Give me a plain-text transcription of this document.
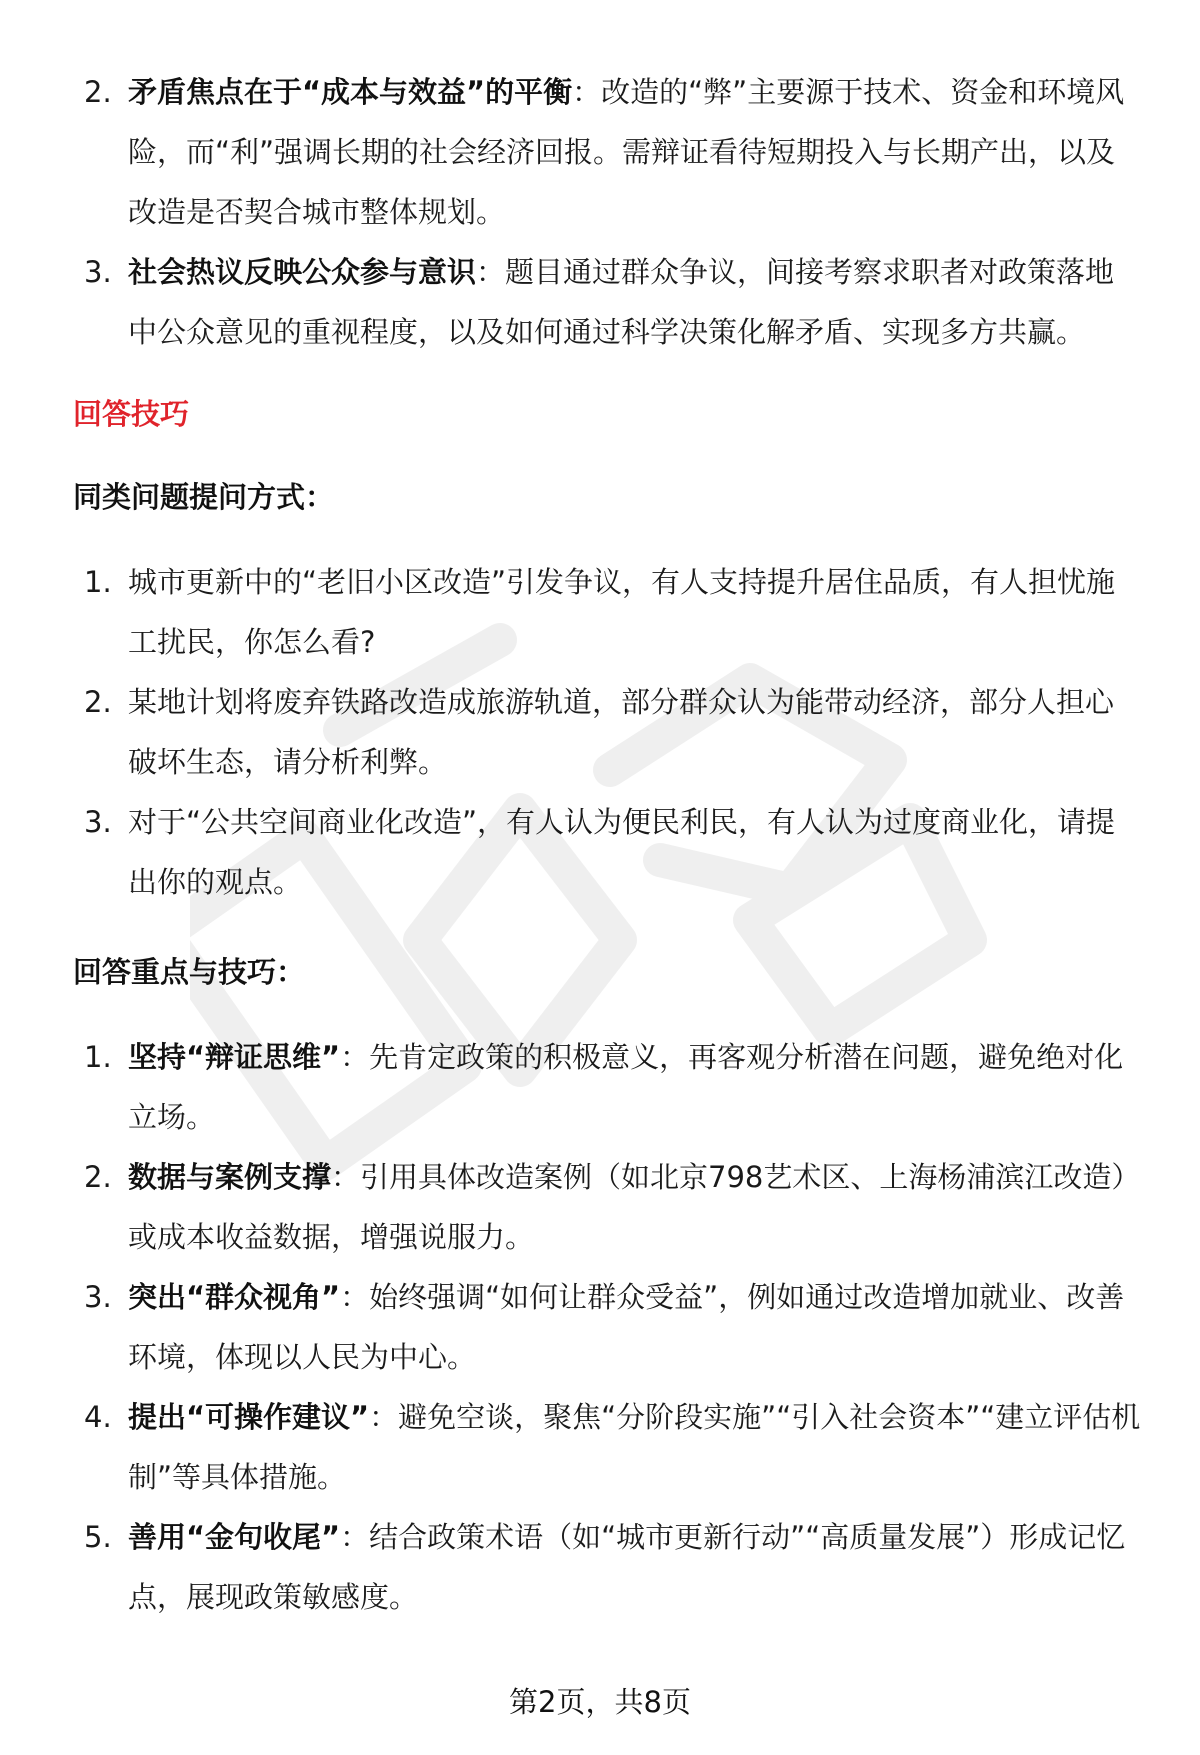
2. 矛盾焦点在于“成本与效益”的平衡：改造的“弊”主要源于技术、资金和环境风险，而“利”强调长期的社会经济回报。需辩证看待短期投入与长期产出，以及改造是否契合城市整体规划。
3. 社会热议反映公众参与意识：题目通过群众争议，间接考察求职者对政策落地中公众意见的重视程度，以及如何通过科学决策化解矛盾、实现多方共赢。
回答技巧
同类问题提问方式：
1. 城市更新中的“老旧小区改造”引发争议，有人支持提升居住品质，有人担忧施工扰民，你怎么看?
2. 某地计划将废弃铁路改造成旅游轨道，部分群众认为能带动经济，部分人担心破坏生态，请分析利弊。
3. 对于“公共空间商业化改造”，有人认为便民利民，有人认为过度商业化，请提出你的观点。
回答重点与技巧：
1. 坚持“辩证思维”：先肯定政策的积极意义，再客观分析潜在问题，避免绝对化立场。
2. 数据与案例支撑：引用具体改造案例（如北京798艺术区、上海杨浦滨江改造）或成本收益数据，增强说服力。
3. 突出“群众视角”：始终强调“如何让群众受益”，例如通过改造增加就业、改善环境，体现以人民为中心。
4. 提出“可操作建议”：避免空谈，聚焦“分阶段实施”“引入社会资本”“建立评估机制”等具体措施。
5. 善用“金句收尾”：结合政策术语（如“城市更新行动”“高质量发展”）形成记忆点，展现政策敏感度。
第2页，共8页
